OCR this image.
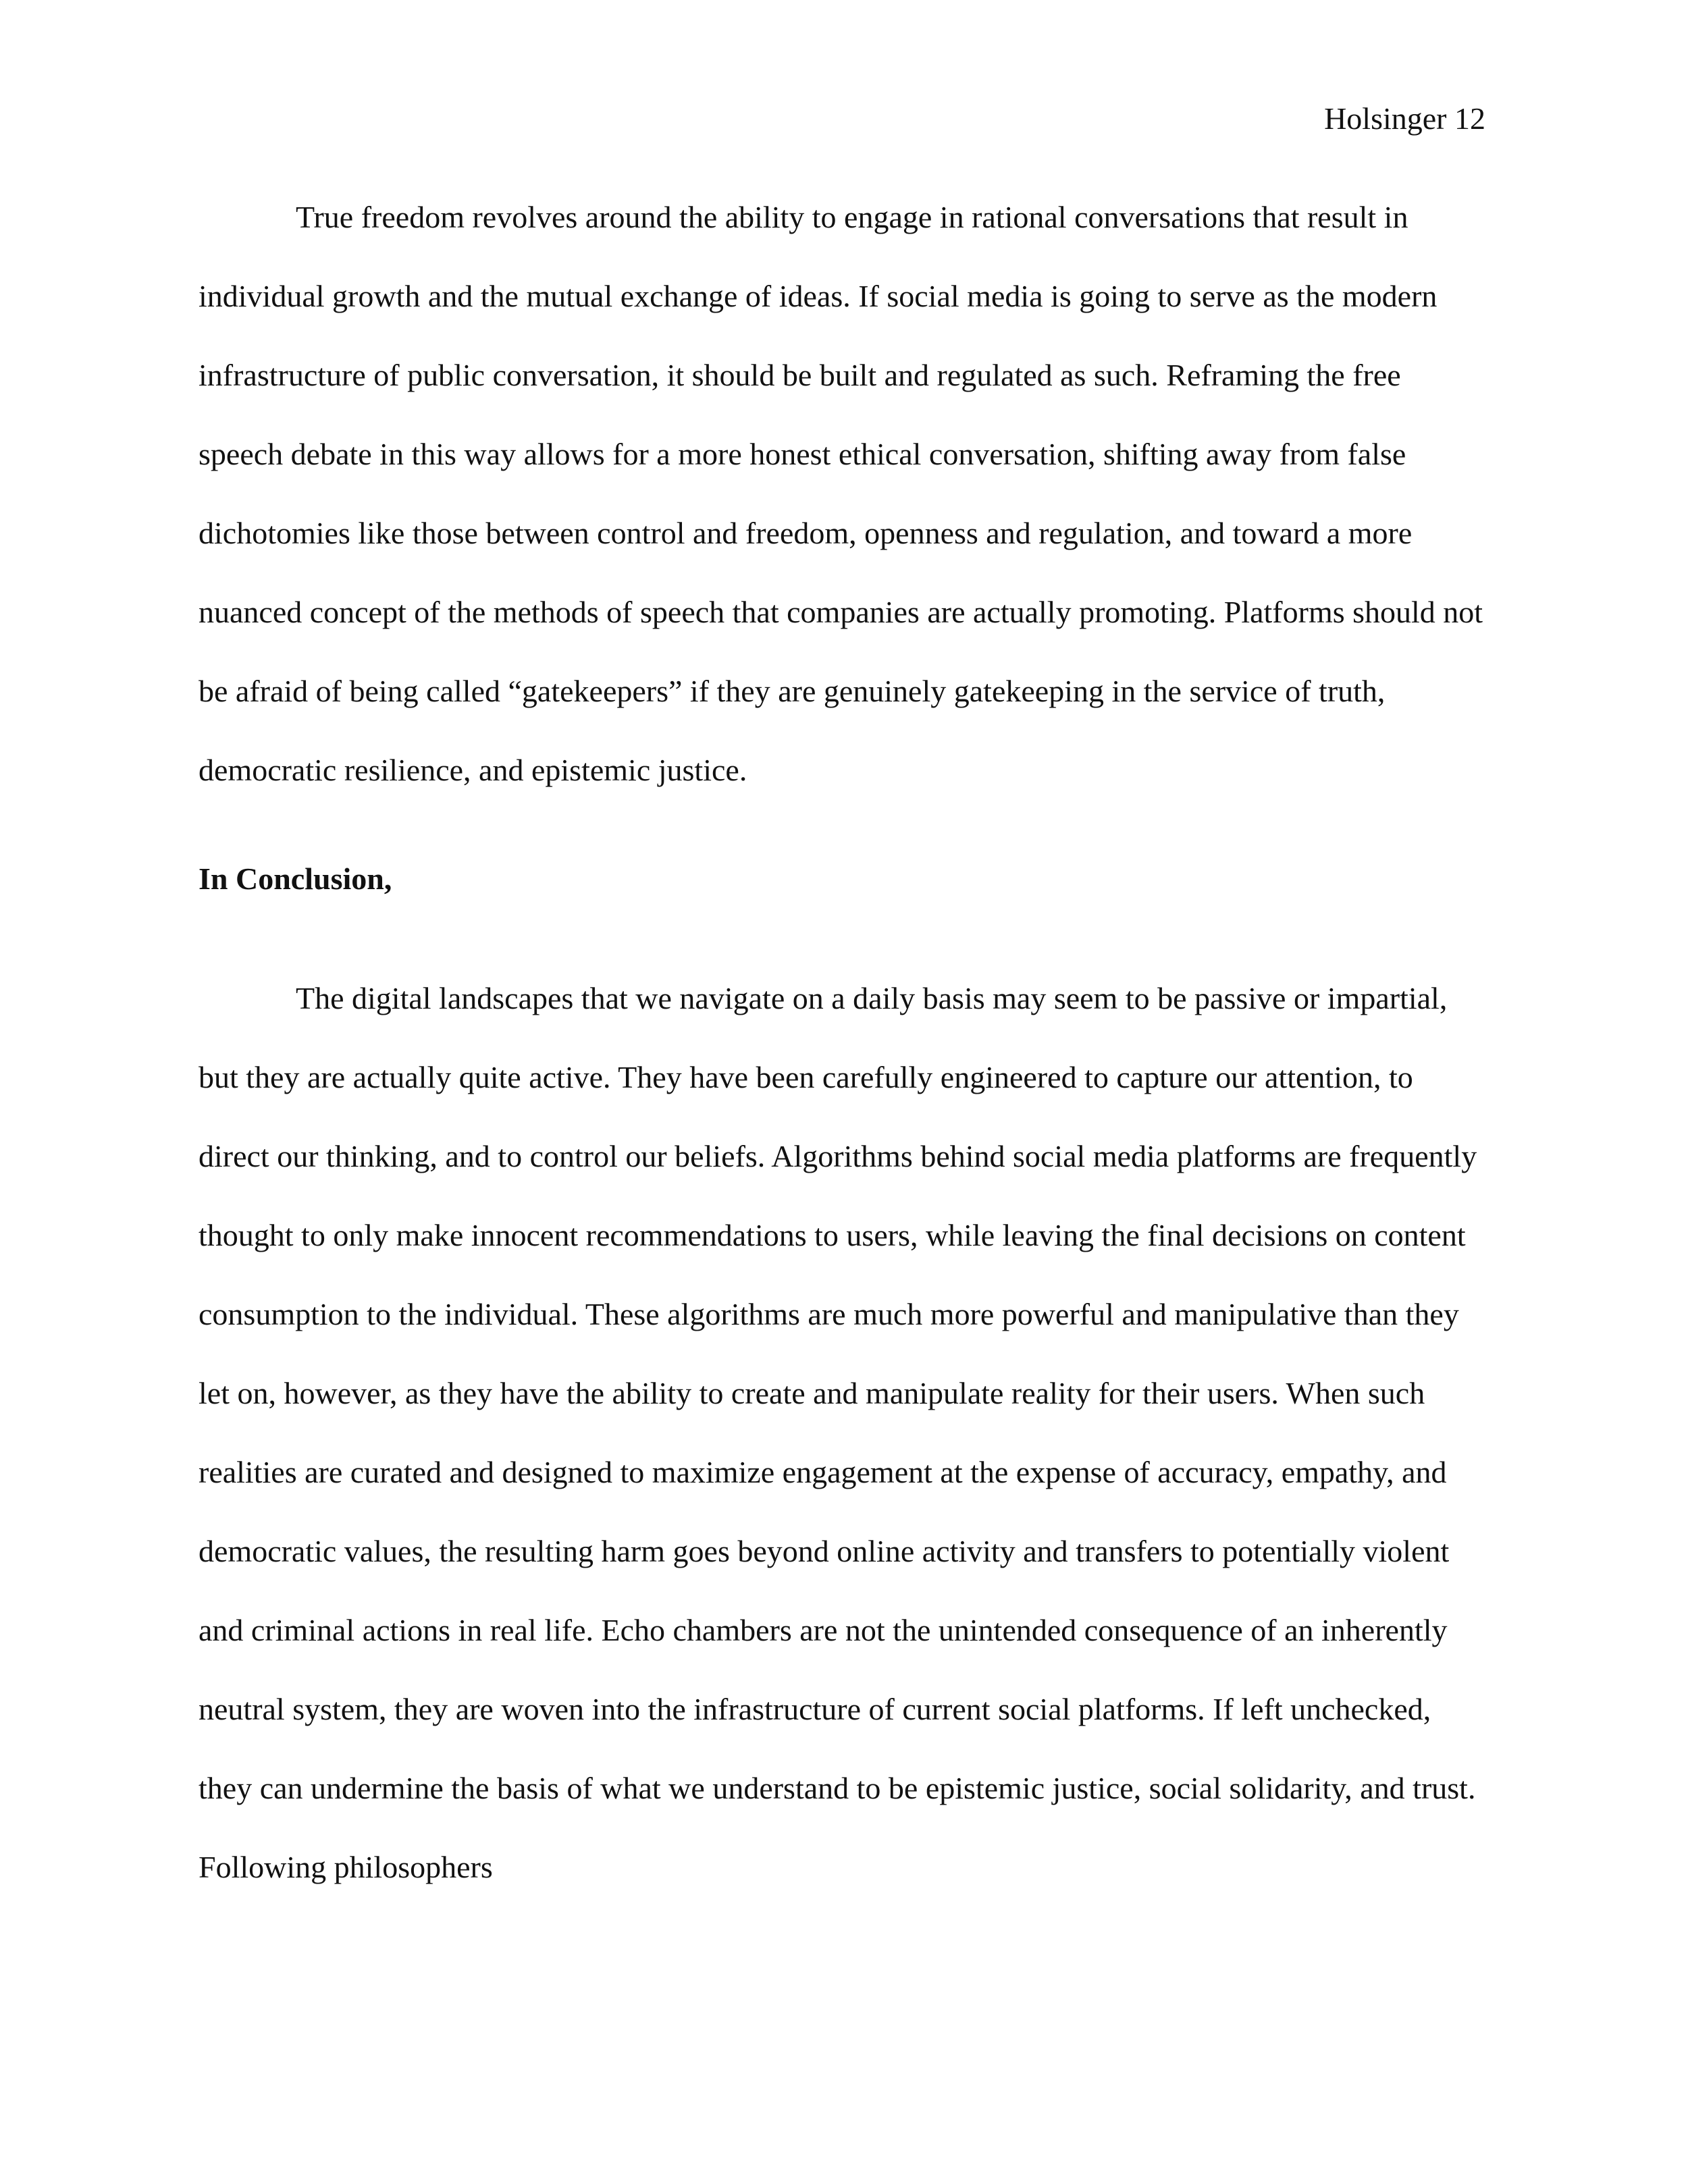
Holsinger 12

True freedom revolves around the ability to engage in rational conversations that result in individual growth and the mutual exchange of ideas. If social media is going to serve as the modern infrastructure of public conversation, it should be built and regulated as such. Reframing the free speech debate in this way allows for a more honest ethical conversation, shifting away from false dichotomies like those between control and freedom, openness and regulation, and toward a more nuanced concept of the methods of speech that companies are actually promoting. Platforms should not be afraid of being called “gatekeepers” if they are genuinely gatekeeping in the service of truth, democratic resilience, and epistemic justice.

In Conclusion,

The digital landscapes that we navigate on a daily basis may seem to be passive or impartial, but they are actually quite active. They have been carefully engineered to capture our attention, to direct our thinking, and to control our beliefs. Algorithms behind social media platforms are frequently thought to only make innocent recommendations to users, while leaving the final decisions on content consumption to the individual. These algorithms are much more powerful and manipulative than they let on, however, as they have the ability to create and manipulate reality for their users. When such realities are curated and designed to maximize engagement at the expense of accuracy, empathy, and democratic values, the resulting harm goes beyond online activity and transfers to potentially violent and criminal actions in real life. Echo chambers are not the unintended consequence of an inherently neutral system, they are woven into the infrastructure of current social platforms. If left unchecked, they can undermine the basis of what we understand to be epistemic justice, social solidarity, and trust. Following philosophers
